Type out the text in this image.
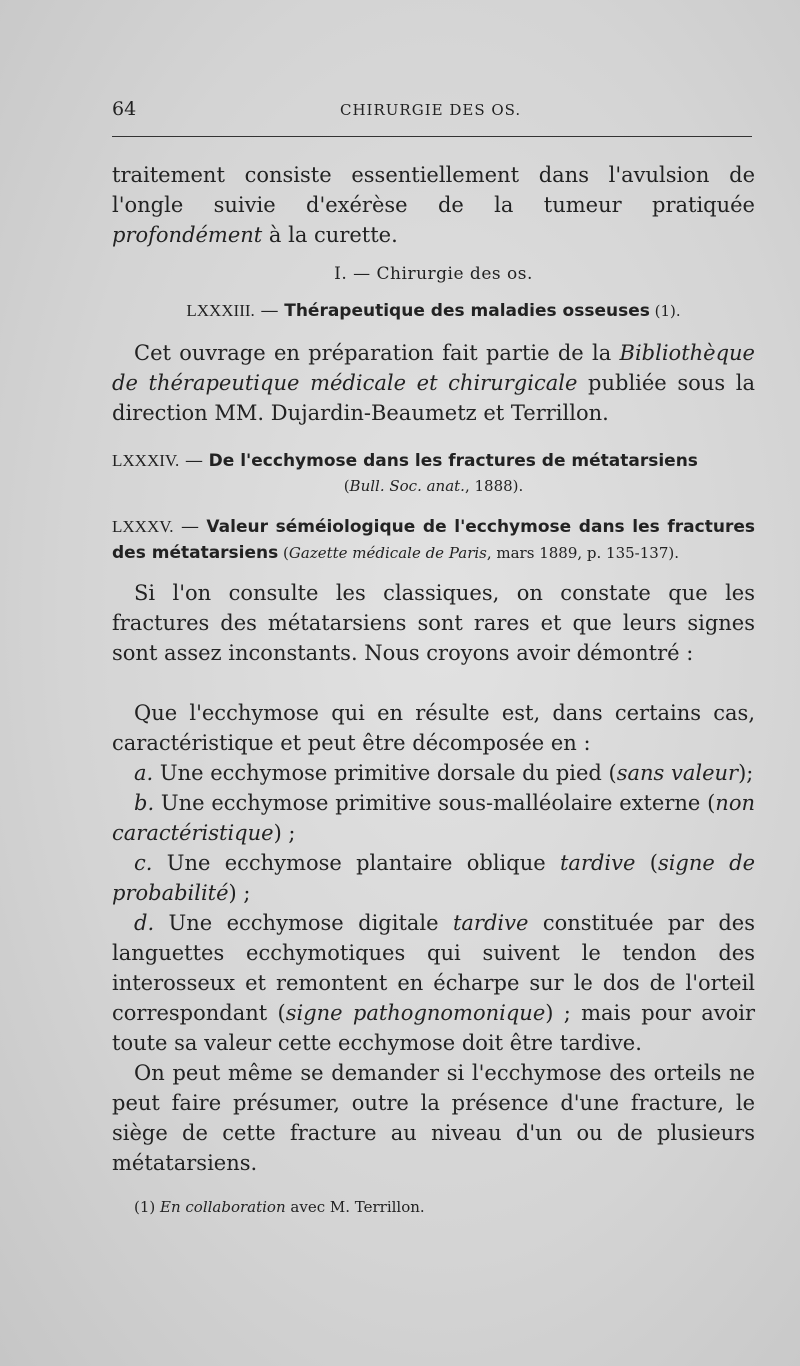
64	CHIRURGIE DES OS.

traitement consiste essentiellement dans l'avulsion de l'ongle suivie d'exérèse de la tumeur pratiquée profondément à la curette.

I. — Chirurgie des os.

LXXXIII. — Thérapeutique des maladies osseuses (1).

Cet ouvrage en préparation fait partie de la Bibliothèque de thérapeutique médicale et chirurgicale publiée sous la direction MM. Dujardin-Beaumetz et Terrillon.

LXXXIV. — De l'ecchymose dans les fractures de métatarsiens

(Bull. Soc. anat., 1888).

LXXXV. — Valeur séméiologique de l'ecchymose dans les fractures des métatarsiens (Gazette médicale de Paris, mars 1889, p. 135-137).

Si l'on consulte les classiques, on constate que les fractures des métatarsiens sont rares et que leurs signes sont assez inconstants. Nous croyons avoir démontré :

Que l'ecchymose qui en résulte est, dans certains cas, caractéristique et peut être décomposée en :

a. Une ecchymose primitive dorsale du pied (sans valeur);

b. Une ecchymose primitive sous-malléolaire externe (non caractéristique) ;

c. Une ecchymose plantaire oblique tardive (signe de probabilité) ;

d. Une ecchymose digitale tardive constituée par des languettes ecchymotiques qui suivent le tendon des interosseux et remontent en écharpe sur le dos de l'orteil correspondant (signe pathognomonique) ; mais pour avoir toute sa valeur cette ecchymose doit être tardive.

On peut même se demander si l'ecchymose des orteils ne peut faire présumer, outre la présence d'une fracture, le siège de cette fracture au niveau d'un ou de plusieurs métatarsiens.

(1) En collaboration avec M. Terrillon.
